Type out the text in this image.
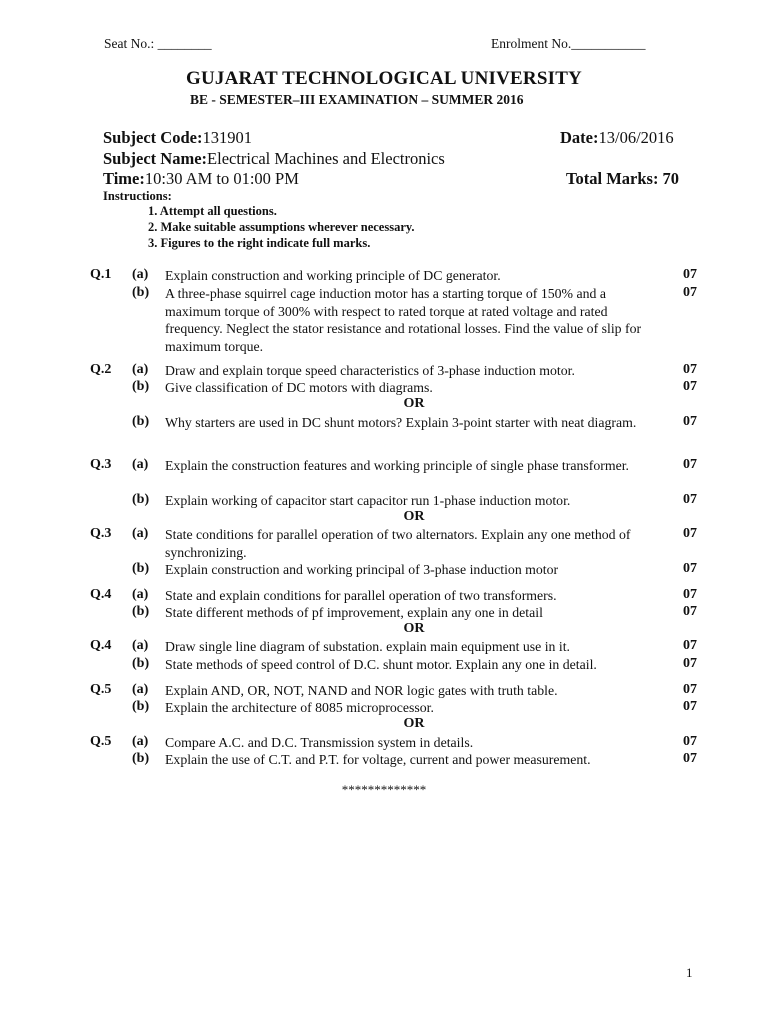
Seat No.: ________	Enrolment No.___________
GUJARAT TECHNOLOGICAL UNIVERSITY
BE - SEMESTER–III EXAMINATION – SUMMER 2016
Subject Code:131901	Date:13/06/2016
Subject Name:Electrical Machines and Electronics
Time:10:30 AM to 01:00 PM	Total Marks: 70
Instructions:
1. Attempt all questions.
2. Make suitable assumptions wherever necessary.
3. Figures to the right indicate full marks.
Q.1 (a) Explain construction and working principle of DC generator.	07
(b) A three-phase squirrel cage induction motor has a starting torque of 150% and a maximum torque of 300% with respect to rated torque at rated voltage and rated frequency. Neglect the stator resistance and rotational losses. Find the value of slip for maximum torque.
07
Q.2 (a) Draw and explain torque speed characteristics of 3-phase induction motor.	07
(b) Give classification of DC motors with diagrams.	07
OR
(b) Why starters are used in DC shunt motors? Explain 3-point starter with neat diagram.	07
Q.3 (a) Explain the construction features and working principle of single phase transformer.	07
(b) Explain working of capacitor start capacitor run 1-phase induction motor.	07
OR
Q.3 (a) State conditions for parallel operation of two alternators. Explain any one method of synchronizing.
07
(b) Explain construction and working principal of 3-phase induction motor	07
Q.4 (a) State and explain conditions for parallel operation of two transformers.	07
(b) State different methods of pf improvement, explain any one in detail	07
OR
Q.4 (a) Draw single line diagram of substation. explain main equipment use in it.	07
(b) State methods of speed control of D.C. shunt motor. Explain any one in detail.	07
Q.5 (a) Explain AND, OR, NOT, NAND and NOR logic gates with truth table.	07
(b) Explain the architecture of 8085 microprocessor.	07
OR
Q.5 (a) Compare A.C. and D.C. Transmission system in details.	07
(b) Explain the use of C.T. and P.T. for voltage, current and power measurement.	07
*************
1
